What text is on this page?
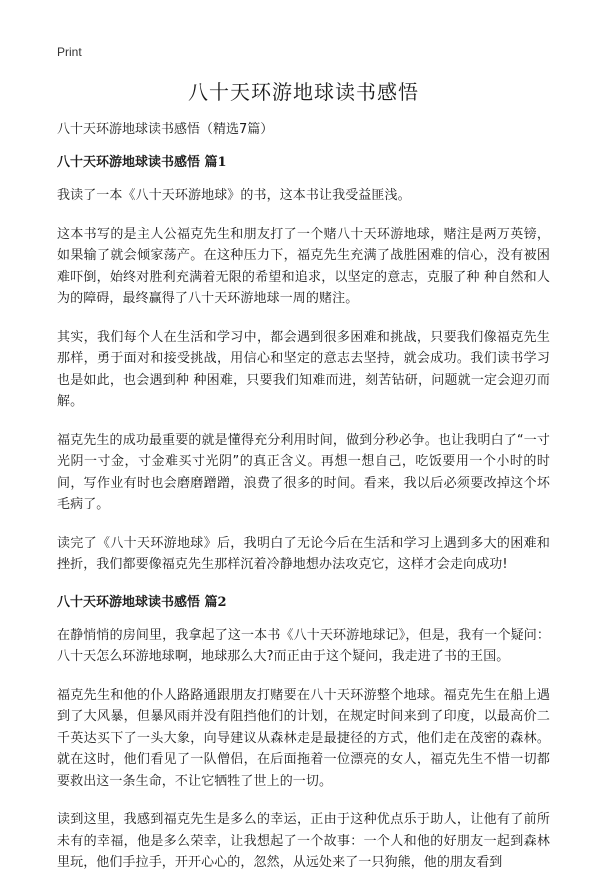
Print
八十天环游地球读书感悟
八十天环游地球读书感悟（精选7篇）
八十天环游地球读书感悟 篇1

我读了一本《八十天环游地球》的书，这本书让我受益匪浅。

这本书写的是主人公福克先生和朋友打了一个赌八十天环游地球，赌注是两万英镑，如果输了就会倾家荡产。在这种压力下，福克先生充满了战胜困难的信心，没有被困难吓倒，始终对胜利充满着无限的希望和追求，以坚定的意志，克服了种 种自然和人为的障碍，最终赢得了八十天环游地球一周的赌注。

其实，我们每个人在生活和学习中，都会遇到很多困难和挑战，只要我们像福克先生那样，勇于面对和接受挑战，用信心和坚定的意志去坚持，就会成功。我们读书学习也是如此，也会遇到种 种困难，只要我们知难而进，刻苦钻研，问题就一定会迎刃而解。

福克先生的成功最重要的就是懂得充分利用时间，做到分秒必争。也让我明白了“一寸光阴一寸金，寸金难买寸光阴”的真正含义。再想一想自己，吃饭要用一个小时的时间，写作业有时也会磨磨蹭蹭，浪费了很多的时间。看来，我以后必须要改掉这个坏毛病了。

读完了《八十天环游地球》后，我明白了无论今后在生活和学习上遇到多大的困难和挫折，我们都要像福克先生那样沉着冷静地想办法攻克它，这样才会走向成功!

八十天环游地球读书感悟 篇2

在静悄悄的房间里，我拿起了这一本书《八十天环游地球记》，但是，我有一个疑问：八十天怎么环游地球啊，地球那么大?而正由于这个疑问，我走进了书的王国。

福克先生和他的仆人路路通跟朋友打赌要在八十天环游整个地球。福克先生在船上遇到了大风暴，但暴风雨并没有阻挡他们的计划，在规定时间来到了印度，以最高价二千英达买下了一头大象，向导建议从森林走是最捷径的方式，他们走在茂密的森林。就在这时，他们看见了一队僧侣，在后面拖着一位漂亮的女人，福克先生不惜一切都要救出这一条生命，不让它牺牲了世上的一切。

读到这里，我感到福克先生是多么的幸运，正由于这种优点乐于助人，让他有了前所未有的幸福，他是多么荣幸，让我想起了一个故事：一个人和他的好朋友一起到森林里玩，他们手拉手，开开心心的，忽然，从远处来了一只狗熊，他的朋友看到
